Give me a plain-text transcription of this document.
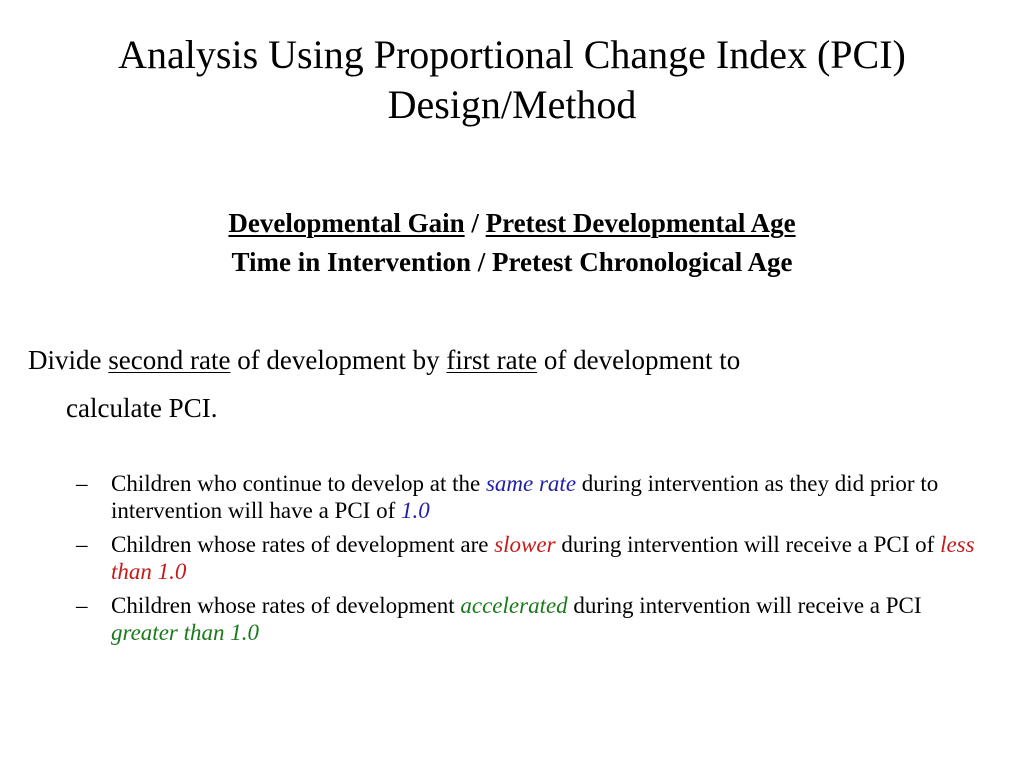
Analysis Using Proportional Change Index (PCI)
Design/Method
Developmental Gain / Pretest Developmental Age
Time in Intervention / Pretest Chronological Age
Divide second rate of development by first rate of development to
calculate PCI.
– Children who continue to develop at the same rate during intervention as they did prior to intervention will have a PCI of 1.0
– Children whose rates of development are slower during intervention will receive a PCI of less than 1.0
– Children whose rates of development accelerated during intervention will receive a PCI greater than 1.0
